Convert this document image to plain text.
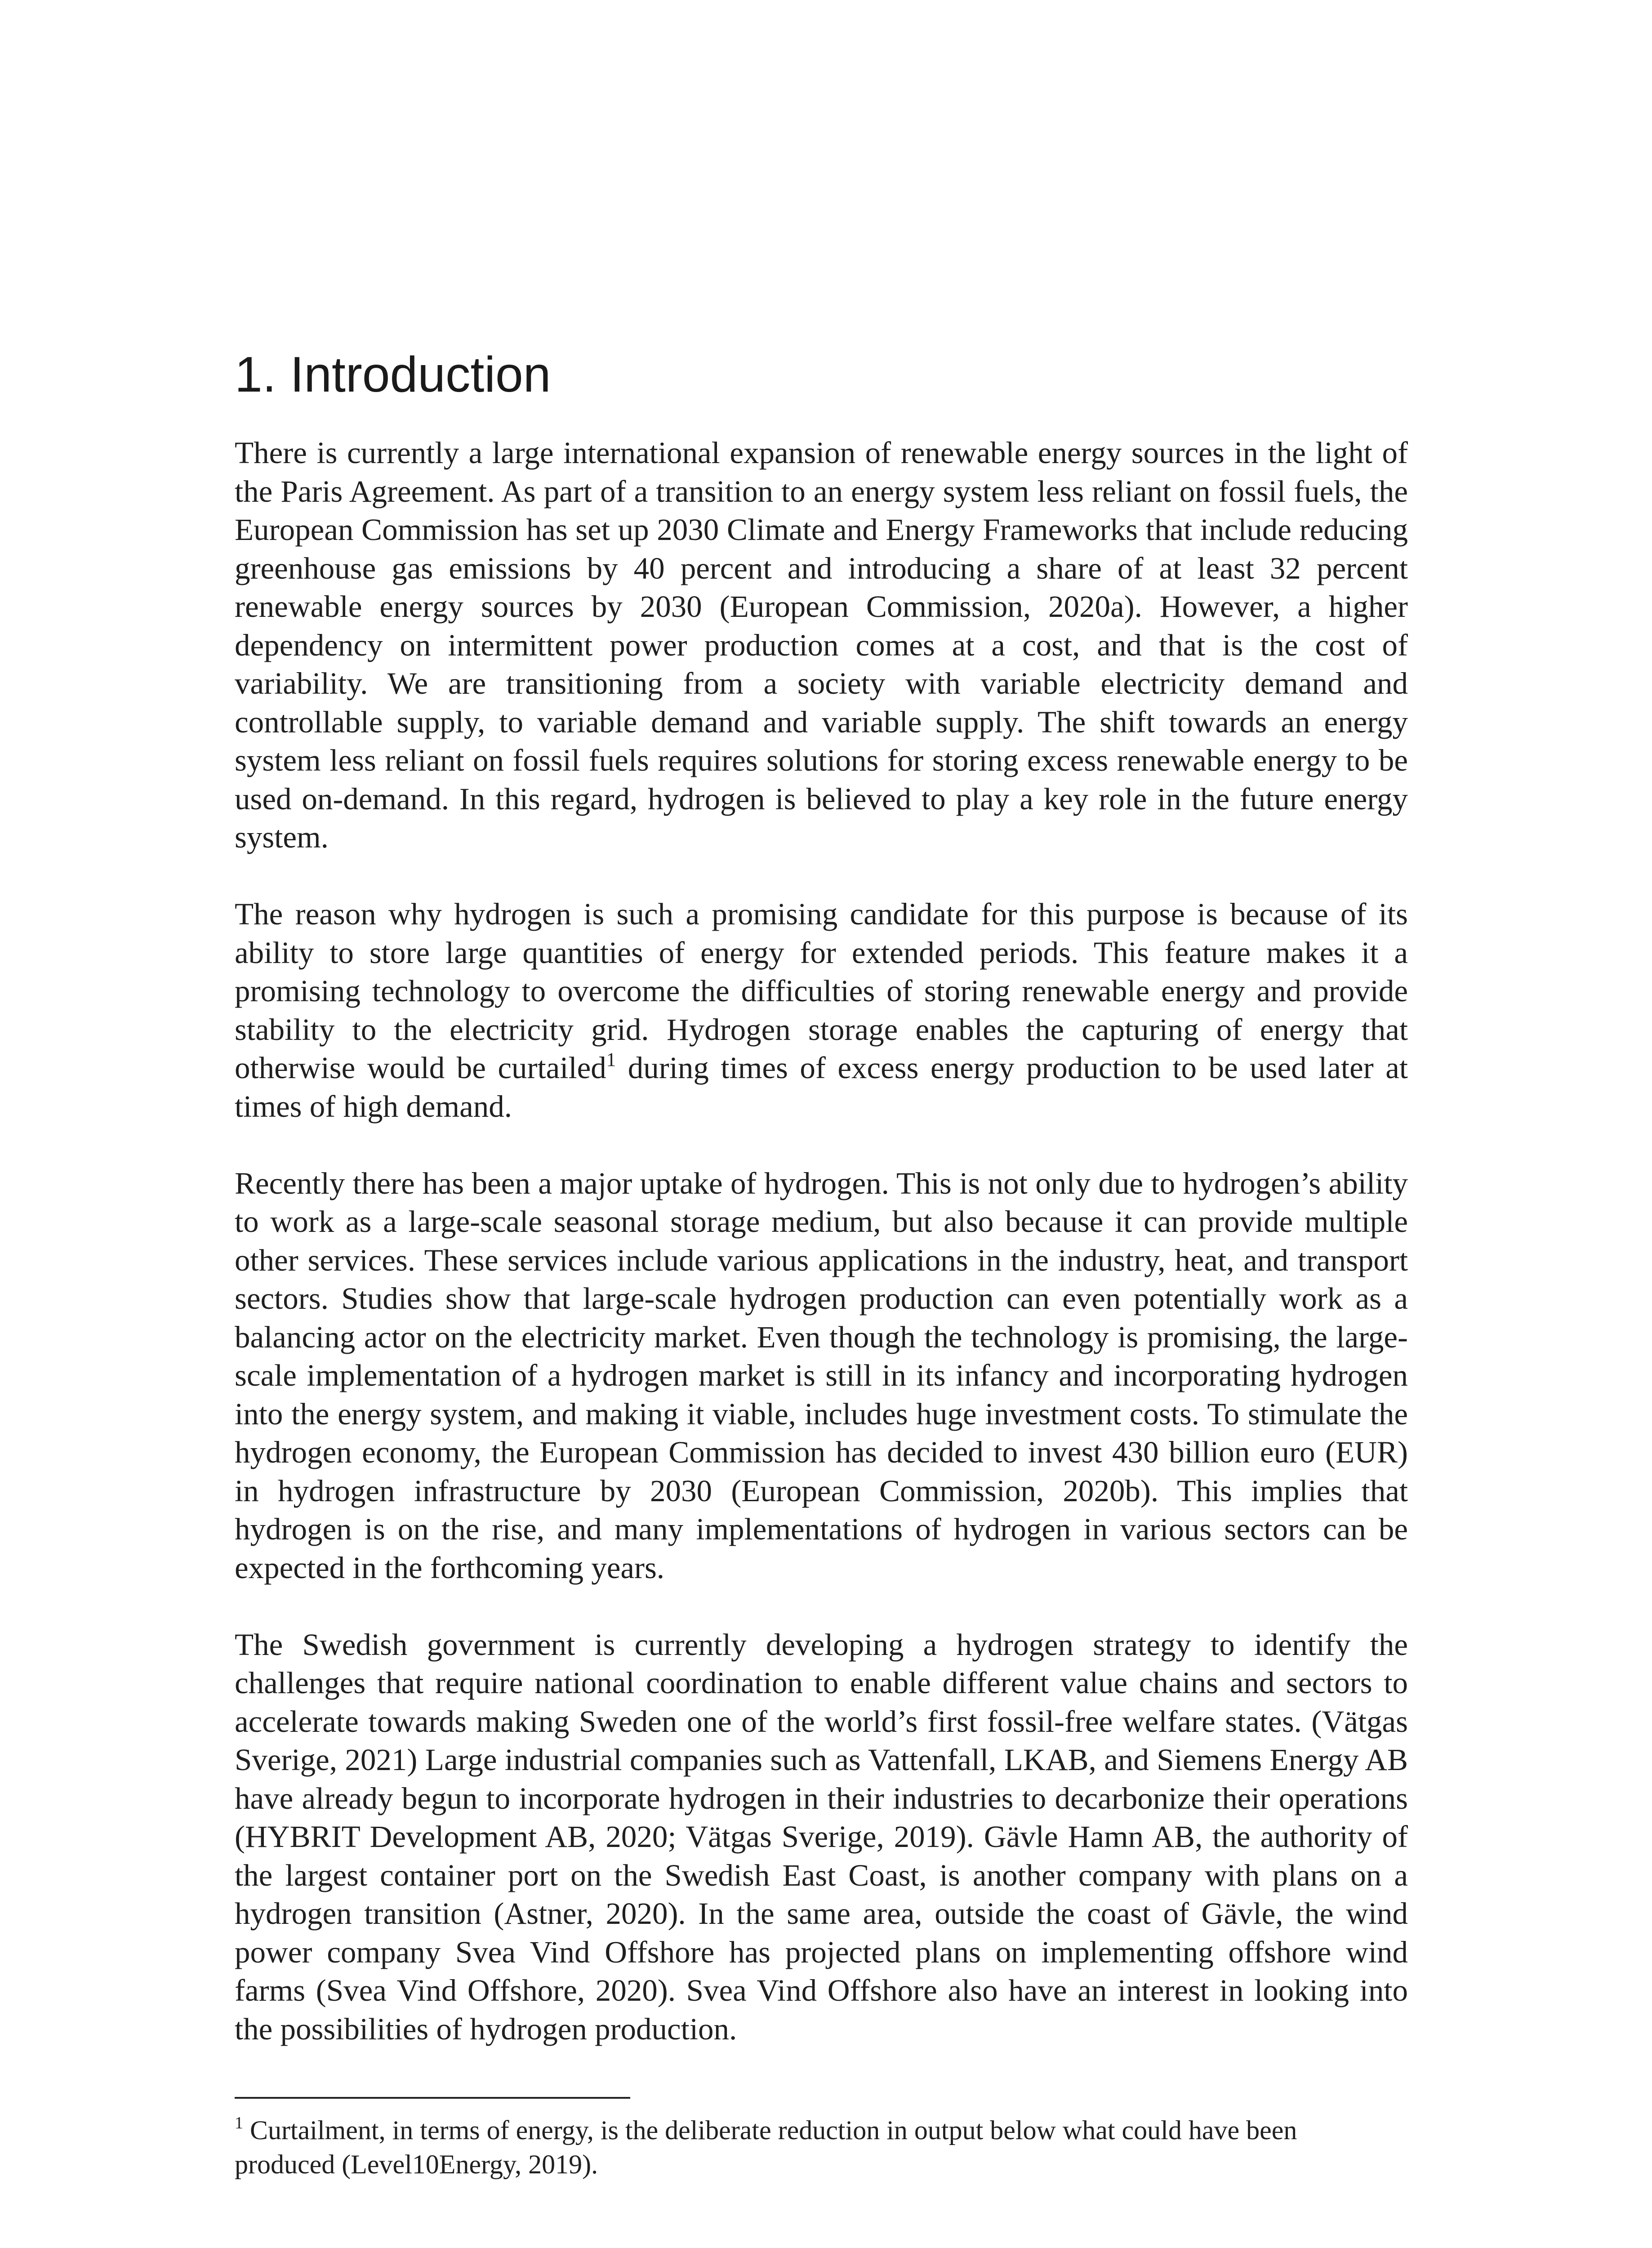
1. Introduction

There is currently a large international expansion of renewable energy sources in the light of the Paris Agreement. As part of a transition to an energy system less reliant on fossil fuels, the European Commission has set up 2030 Climate and Energy Frameworks that include reducing greenhouse gas emissions by 40 percent and introducing a share of at least 32 percent renewable energy sources by 2030 (European Commission, 2020a). However, a higher dependency on intermittent power production comes at a cost, and that is the cost of variability. We are transitioning from a society with variable electricity demand and controllable supply, to variable demand and variable supply. The shift towards an energy system less reliant on fossil fuels requires solutions for storing excess renewable energy to be used on-demand. In this regard, hydrogen is believed to play a key role in the future energy system.

The reason why hydrogen is such a promising candidate for this purpose is because of its ability to store large quantities of energy for extended periods. This feature makes it a promising technology to overcome the difficulties of storing renewable energy and provide stability to the electricity grid. Hydrogen storage enables the capturing of energy that otherwise would be curtailed$^1$ during times of excess energy production to be used later at times of high demand.

Recently there has been a major uptake of hydrogen. This is not only due to hydrogen’s ability to work as a large-scale seasonal storage medium, but also because it can provide multiple other services. These services include various applications in the industry, heat, and transport sectors. Studies show that large-scale hydrogen production can even potentially work as a balancing actor on the electricity market. Even though the technology is promising, the large-scale implementation of a hydrogen market is still in its infancy and incorporating hydrogen into the energy system, and making it viable, includes huge investment costs. To stimulate the hydrogen economy, the European Commission has decided to invest 430 billion euro (EUR) in hydrogen infrastructure by 2030 (European Commission, 2020b). This implies that hydrogen is on the rise, and many implementations of hydrogen in various sectors can be expected in the forthcoming years.

The Swedish government is currently developing a hydrogen strategy to identify the challenges that require national coordination to enable different value chains and sectors to accelerate towards making Sweden one of the world’s first fossil-free welfare states. (Vätgas Sverige, 2021) Large industrial companies such as Vattenfall, LKAB, and Siemens Energy AB have already begun to incorporate hydrogen in their industries to decarbonize their operations (HYBRIT Development AB, 2020; Vätgas Sverige, 2019). Gävle Hamn AB, the authority of the largest container port on the Swedish East Coast, is another company with plans on a hydrogen transition (Astner, 2020). In the same area, outside the coast of Gävle, the wind power company Svea Vind Offshore has projected plans on implementing offshore wind farms (Svea Vind Offshore, 2020). Svea Vind Offshore also have an interest in looking into the possibilities of hydrogen production.

$^1$ Curtailment, in terms of energy, is the deliberate reduction in output below what could have been produced (Level10Energy, 2019).
